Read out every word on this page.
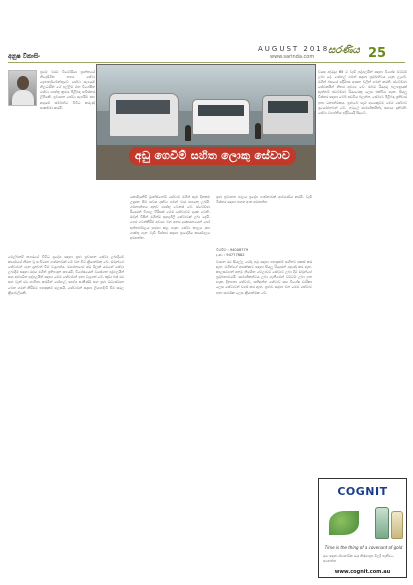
අනුෂ විකාසිං
AUGUST 2018
www.sarinda.com
සරණිය 25

ප්‍රථම වරට විටෝරියා ප්‍රාන්තයේ නිර්දේශිත නගර සේවා දෙපාර්තමේන්තුවේ සේවා සැපයුම් නිලධාරීන් ගේ ඉල්ලීම මත විශේෂිත සේවා ගාස්තු ක්‍රමය පිළිබඳ සවිස්තර ලිපියකි. ප්‍රවාහන සේවා සැපයීම සහ ආදායම් සම්බන්ධ විවිධ කරුණු සාකච්ඡා කරයි.

අඩු ගෙවීම් සහිත ලොකු සේවාව

මෙල්බර්න් නගරයේ විවිධ ප්‍රදේශ සඳහා ප්‍රජා ප්‍රවාහන සේවා ලබාදීමේ කාර්යයේ නිරත වූ සංවිධාන ගණනාවක් මේ වන විට ක්‍රියාත්මක වේ. ඔවුන්ගේ සේවාවන් ගැන දැනුවත් වීම වැදගත්ය. මහජනයාට අඩු මිලක් යටතේ සේවා ලබාදීම සඳහා රජය මගින් ප්‍රතිපාදන සපයයි. විශේෂයෙන් වයස්ගත පුද්ගලයින් සහ ආබාධිත පුද්ගලයින් සඳහා මෙම සේවාවන් ඉතා වැදගත් වේ. කුඩා බස් රථ සහ වෑන් රථ භාවිතා කරමින් රෝහල්, සාප්පු සංකීර්ණ සහ ප්‍රජා මධ්‍යස්ථාන වෙත ගමන් කිරීමට පහසුකම් සලසයි. සේවාවන් සඳහා ලියාපදිංචි වීම සරල ක්‍රියාවලියකි.

කොමියුනිටි ට්‍රාන්ස්පෝට් සේවාව මගින් සෑම දිනකම උදෑසන සිට සවස දක්වා ගමන් වාර සපයනු ලබයි. ගමනාන්තය අනුව ගාස්තු වෙනස් වේ. ස්වේච්ඡා රියදුරන් විශාල පිරිසක් මෙම සේවාවට දායක වෙති. ඔවුන් විසින් මගීන්ට සුහදශීලී සේවාවක් ලබා දෙයි. පෙර වෙන්කිරීම අවශ්‍ය වන අතර දුරකථනයෙන් හෝ අන්තර්ජාලය හරහා කළ හැක. සේවා කාලය සහ ගාස්තු ගැන වැඩි විස්තර සඳහා ප්‍රාදේශීය කාර්යාලය අමතන්න.

ප්‍රජා ප්‍රවාහන ජාලය ප්‍රදේශ ගණනාවක් ආවරණය කරයි. වැඩි විස්තර සඳහා පහත අංක අමතන්න.

විමසීම් : 94008779
දු.ක. : 94777682

වාහන රථ සියල්ල රෝද පුටු සඳහා පහසුකම් සහිතව සකස් කර ඇත. මගීන්ගේ ආරක්ෂාව සඳහා සියලු රියදුරන් පුහුණු කර ඇත. කාලසටහන් අනුව නියමිත වේලාවට සේවාව ලබා දීම ඔවුන්ගේ ප්‍රමුඛතාවයයි. සාමාජිකත්වය ලබා ගැනීමෙන් වට්ටම් ලබා ගත හැක. දිනපතා සේවාව, සතිඅන්ත සේවාව සහ විශේෂ චාරිකා ලෙස සේවාවන් වර්ග කර ඇත. ප්‍රජාව සඳහා වන මෙම සේවාව ඉතා සාර්ථක ලෙස ක්‍රියාත්මක වේ.

වයස අවුරුදු 65 ට වැඩි පුද්ගලයින් සඳහා විශේෂ වට්ටම් ලබා දේ. රෝහල් ගමන් සඳහා ප්‍රමුඛත්වය දෙනු ලැබේ. මගීන් බසයේ ඉදිරිපස ආසන වලින් ගමන් කරති. ස්වේච්ඡා සේවකයින් නිතර අවශ්‍ය වේ. ඔබට රියදුරු බලපත්‍රයක් ඇත්නම් ස්වේච්ඡා රියදුරෙකු ලෙස එක්විය හැක. සියලු විස්තර සඳහා වෙබ් අඩවිය බලන්න. සේවාව පිළිබඳ ප්‍රතිචාර ඉතා ධනාත්මකය. ප්‍රජාවේ සෑම අයෙකුටම මෙම සේවාව ප්‍රයෝජනවත් වේ. පවුලේ සාමාජිකයින්ද සහාය දක්වති. සේවා ව්‍යාප්තිය ඉදිරියේදී සිදුවේ.

COGNIT
Time is the thing of a covenant of gold
සුව සඳහා ස්වභාවික ඔසු නිෂ්පාදන මිලදී ගැනීමට අමතන්න
www.cognit.com.au
